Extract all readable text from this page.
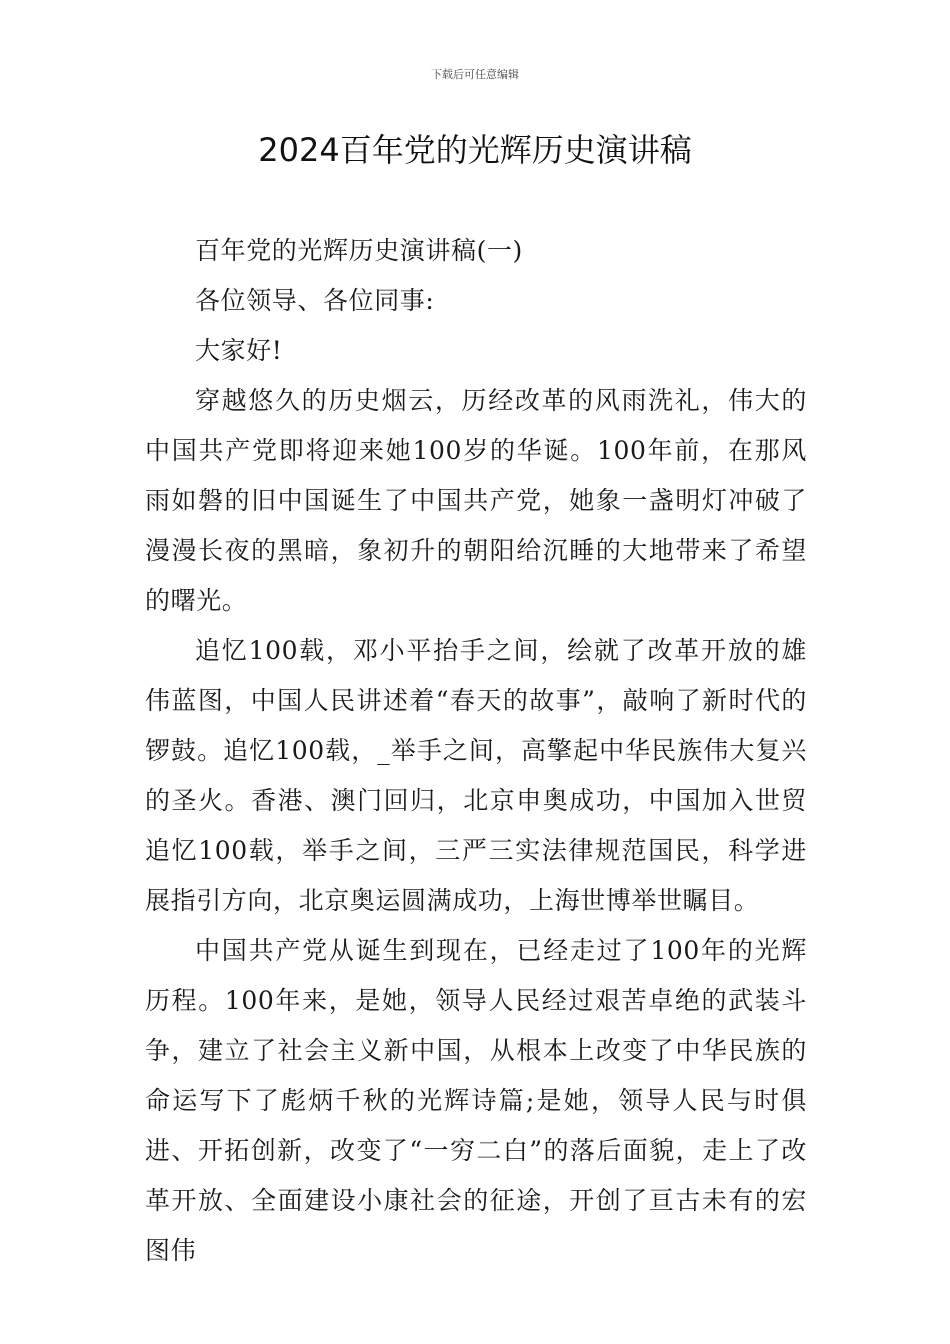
下载后可任意编辑
2024百年党的光辉历史演讲稿

百年党的光辉历史演讲稿(一)

各位领导、各位同事:

大家好!

穿越悠久的历史烟云，历经改革的风雨洗礼，伟大的中国共产党即将迎来她100岁的华诞。100年前，在那风雨如磐的旧中国诞生了中国共产党，她象一盏明灯冲破了漫漫长夜的黑暗，象初升的朝阳给沉睡的大地带来了希望的曙光。

追忆100载，邓小平抬手之间，绘就了改革开放的雄伟蓝图，中国人民讲述着“春天的故事”，敲响了新时代的锣鼓。追忆100载，_举手之间，高擎起中华民族伟大复兴的圣火。香港、澳门回归，北京申奥成功，中国加入世贸追忆100载，举手之间，三严三实法律规范国民，科学进展指引方向，北京奥运圆满成功，上海世博举世瞩目。

中国共产党从诞生到现在，已经走过了100年的光辉历程。100年来，是她，领导人民经过艰苦卓绝的武装斗争，建立了社会主义新中国，从根本上改变了中华民族的命运写下了彪炳千秋的光辉诗篇;是她，领导人民与时俱进、开拓创新，改变了“一穷二白”的落后面貌，走上了改革开放、全面建设小康社会的征途，开创了亘古未有的宏图伟
